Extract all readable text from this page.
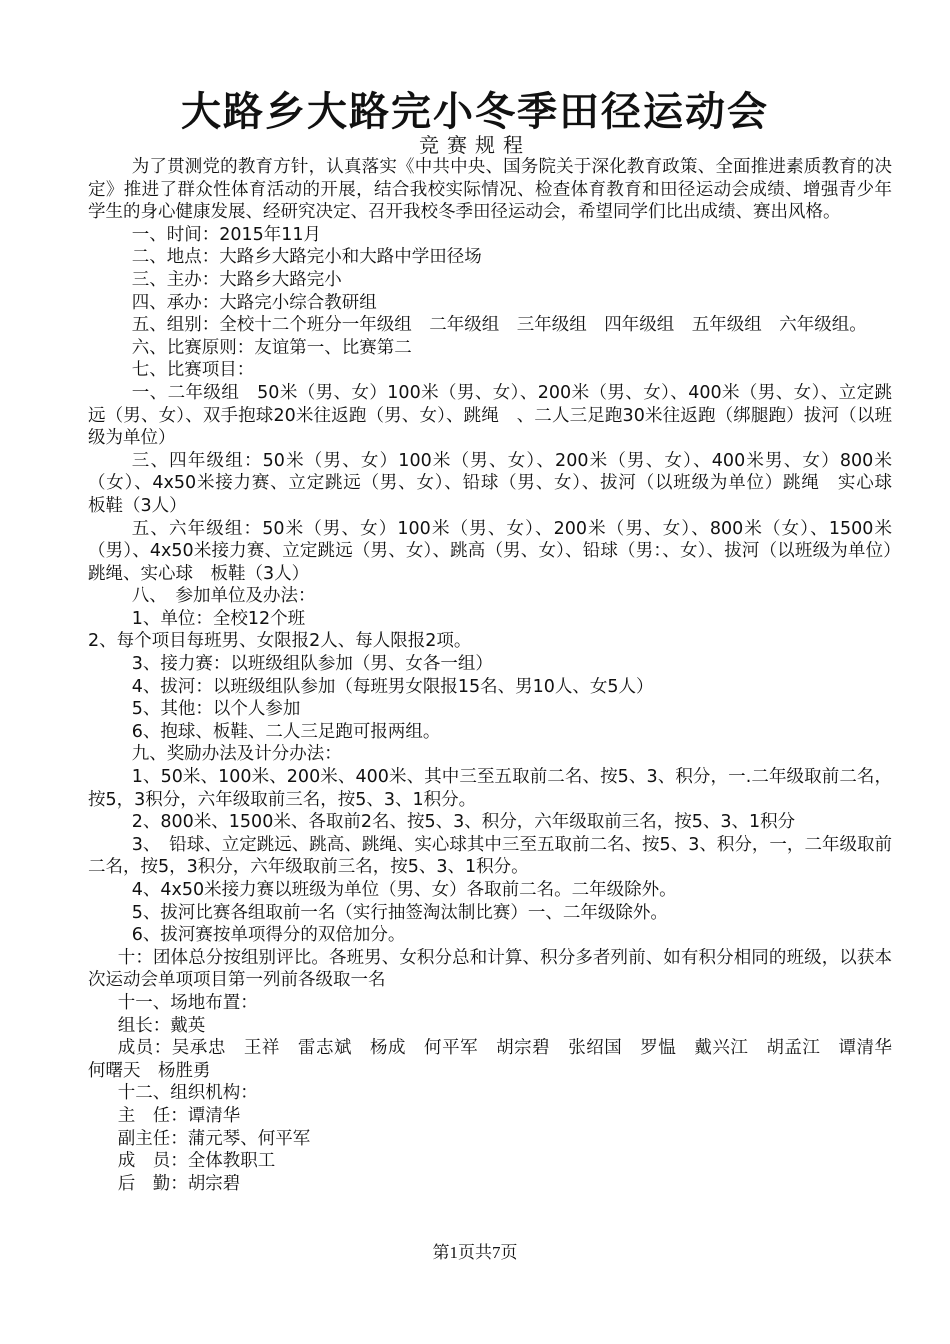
大路乡大路完小冬季田径运动会
竞赛规程

为了贯测党的教育方针，认真落实《中共中央、国务院关于深化教育政策、全面推进素质教育的决定》推进了群众性体育活动的开展，结合我校实际情况、检查体育教育和田径运动会成绩、增强青少年学生的身心健康发展、经研究决定、召开我校冬季田径运动会，希望同学们比出成绩、赛出风格。

一、时间：2015年11月

二、地点：大路乡大路完小和大路中学田径场

三、主办：大路乡大路完小

四、承办：大路完小综合教研组

五、组别：全校十二个班分一年级组　二年级组　三年级组　四年级组　五年级组　六年级组。

六、比赛原则：友谊第一、比赛第二

七、比赛项目：

一、二年级组　50米（男、女）100米（男、女）、200米（男、女）、400米（男、女）、立定跳远（男、女）、双手抱球20米往返跑（男、女）、跳绳　、二人三足跑30米往返跑（绑腿跑）拔河（以班级为单位）

三、四年级组：50米（男、女）100米（男、女）、200米（男、女）、400米男、女）800米（女）、4x50米接力赛、立定跳远（男、女）、铅球（男、女）、拔河（以班级为单位）跳绳　实心球　板鞋（3人）

五、六年级组：50米（男、女）100米（男、女）、200米（男、女）、800米（女）、1500米（男）、4x50米接力赛、立定跳远（男、女）、跳高（男、女）、铅球（男：、女）、拔河（以班级为单位）跳绳、实心球　板鞋（3人）

八、　参加单位及办法：

1、单位：全校12个班

2、每个项目每班男、女限报2人、每人限报2项。

3、接力赛：以班级组队参加（男、女各一组）

4、拔河：以班级组队参加（每班男女限报15名、男10人、女5人）

5、其他：以个人参加

6、抱球、板鞋、二人三足跑可报两组。

九、奖励办法及计分办法：

1、50米、100米、200米、400米、其中三至五取前二名、按5、3、积分，一.二年级取前二名，按5，3积分，六年级取前三名，按5、3、1积分。

2、800米、1500米、各取前2名、按5、3、积分，六年级取前三名，按5、3、1积分

3、　铅球、立定跳远、跳高、跳绳、实心球其中三至五取前二名、按5、3、积分，一，二年级取前二名，按5，3积分，六年级取前三名，按5、3、1积分。

4、4x50米接力赛以班级为单位（男、女）各取前二名。二年级除外。

5、拔河比赛各组取前一名（实行抽签淘汰制比赛）一、二年级除外。

6、拔河赛按单项得分的双倍加分。

十：团体总分按组别评比。各班男、女积分总和计算、积分多者列前、如有积分相同的班级，以获本次运动会单项项目第一列前各级取一名

十一、场地布置：

组长：戴英

成员：吴承忠　王祥　雷志斌　杨成　何平军　胡宗碧　张绍国　罗愠　戴兴江　胡孟江　谭清华　何曙天　杨胜勇

十二、组织机构：

主　任：谭清华

副主任：蒲元琴、何平军

成　员：全体教职工

后　勤：胡宗碧

第1页共7页
